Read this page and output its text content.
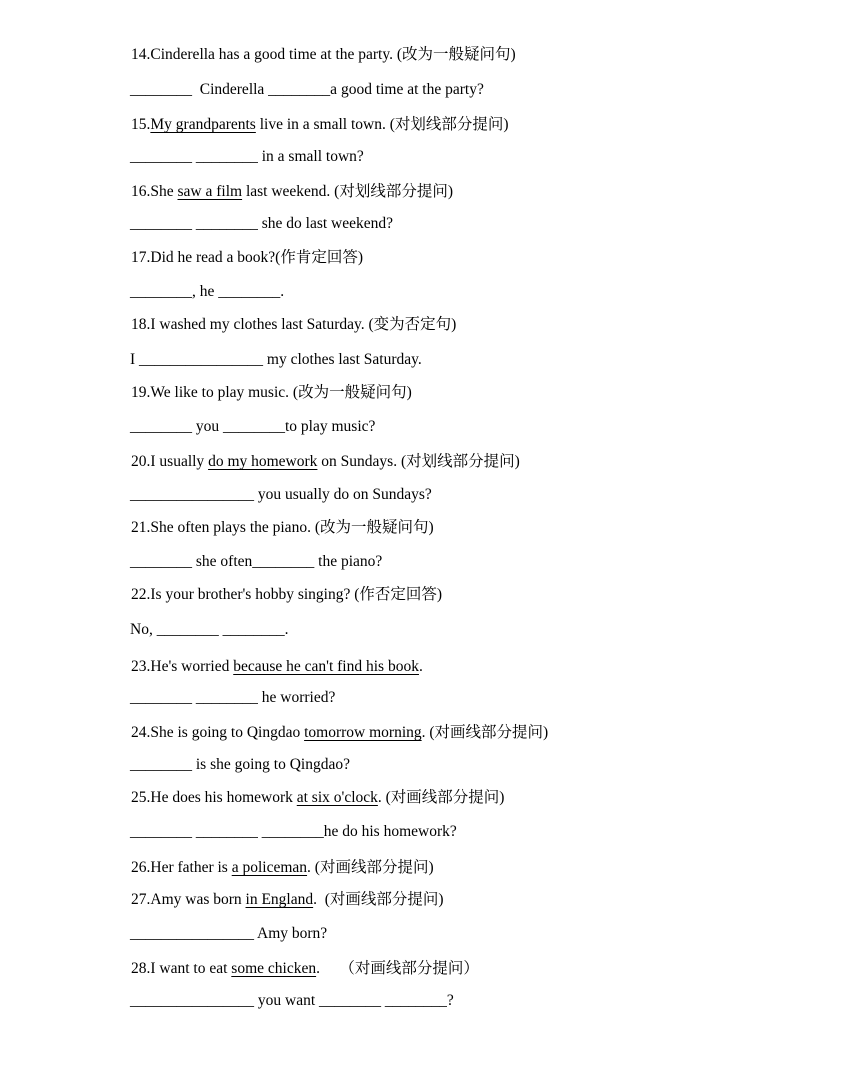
14.Cinderella has a good time at the party. (改为一般疑问句)
________  Cinderella ________a good time at the party?
15.My grandparents live in a small town. (对划线部分提问)
________ ________ in a small town?
16.She saw a film last weekend. (对划线部分提问)
________ ________ she do last weekend?
17.Did he read a book?(作肯定回答)
________, he ________.
18.I washed my clothes last Saturday. (变为否定句)
I ________________ my clothes last Saturday.
19.We like to play music. (改为一般疑问句)
________ you ________to play music?
20.I usually do my homework on Sundays. (对划线部分提问)
________________ you usually do on Sundays?
21.She often plays the piano. (改为一般疑问句)
________ she often________ the piano?
22.Is your brother's hobby singing? (作否定回答)
No, ________ ________.
23.He's worried because he can't find his book.
________ ________ he worried?
24.She is going to Qingdao tomorrow morning. (对画线部分提问)
________ is she going to Qingdao?
25.He does his homework at six o'clock. (对画线部分提问)
________ ________ ________he do his homework?
26.Her father is a policeman. (对画线部分提问)
27.Amy was born in England.  (对画线部分提问)
________________ Amy born?
28.I want to eat some chicken.     （对画线部分提问）
________________ you want ________ ________?
